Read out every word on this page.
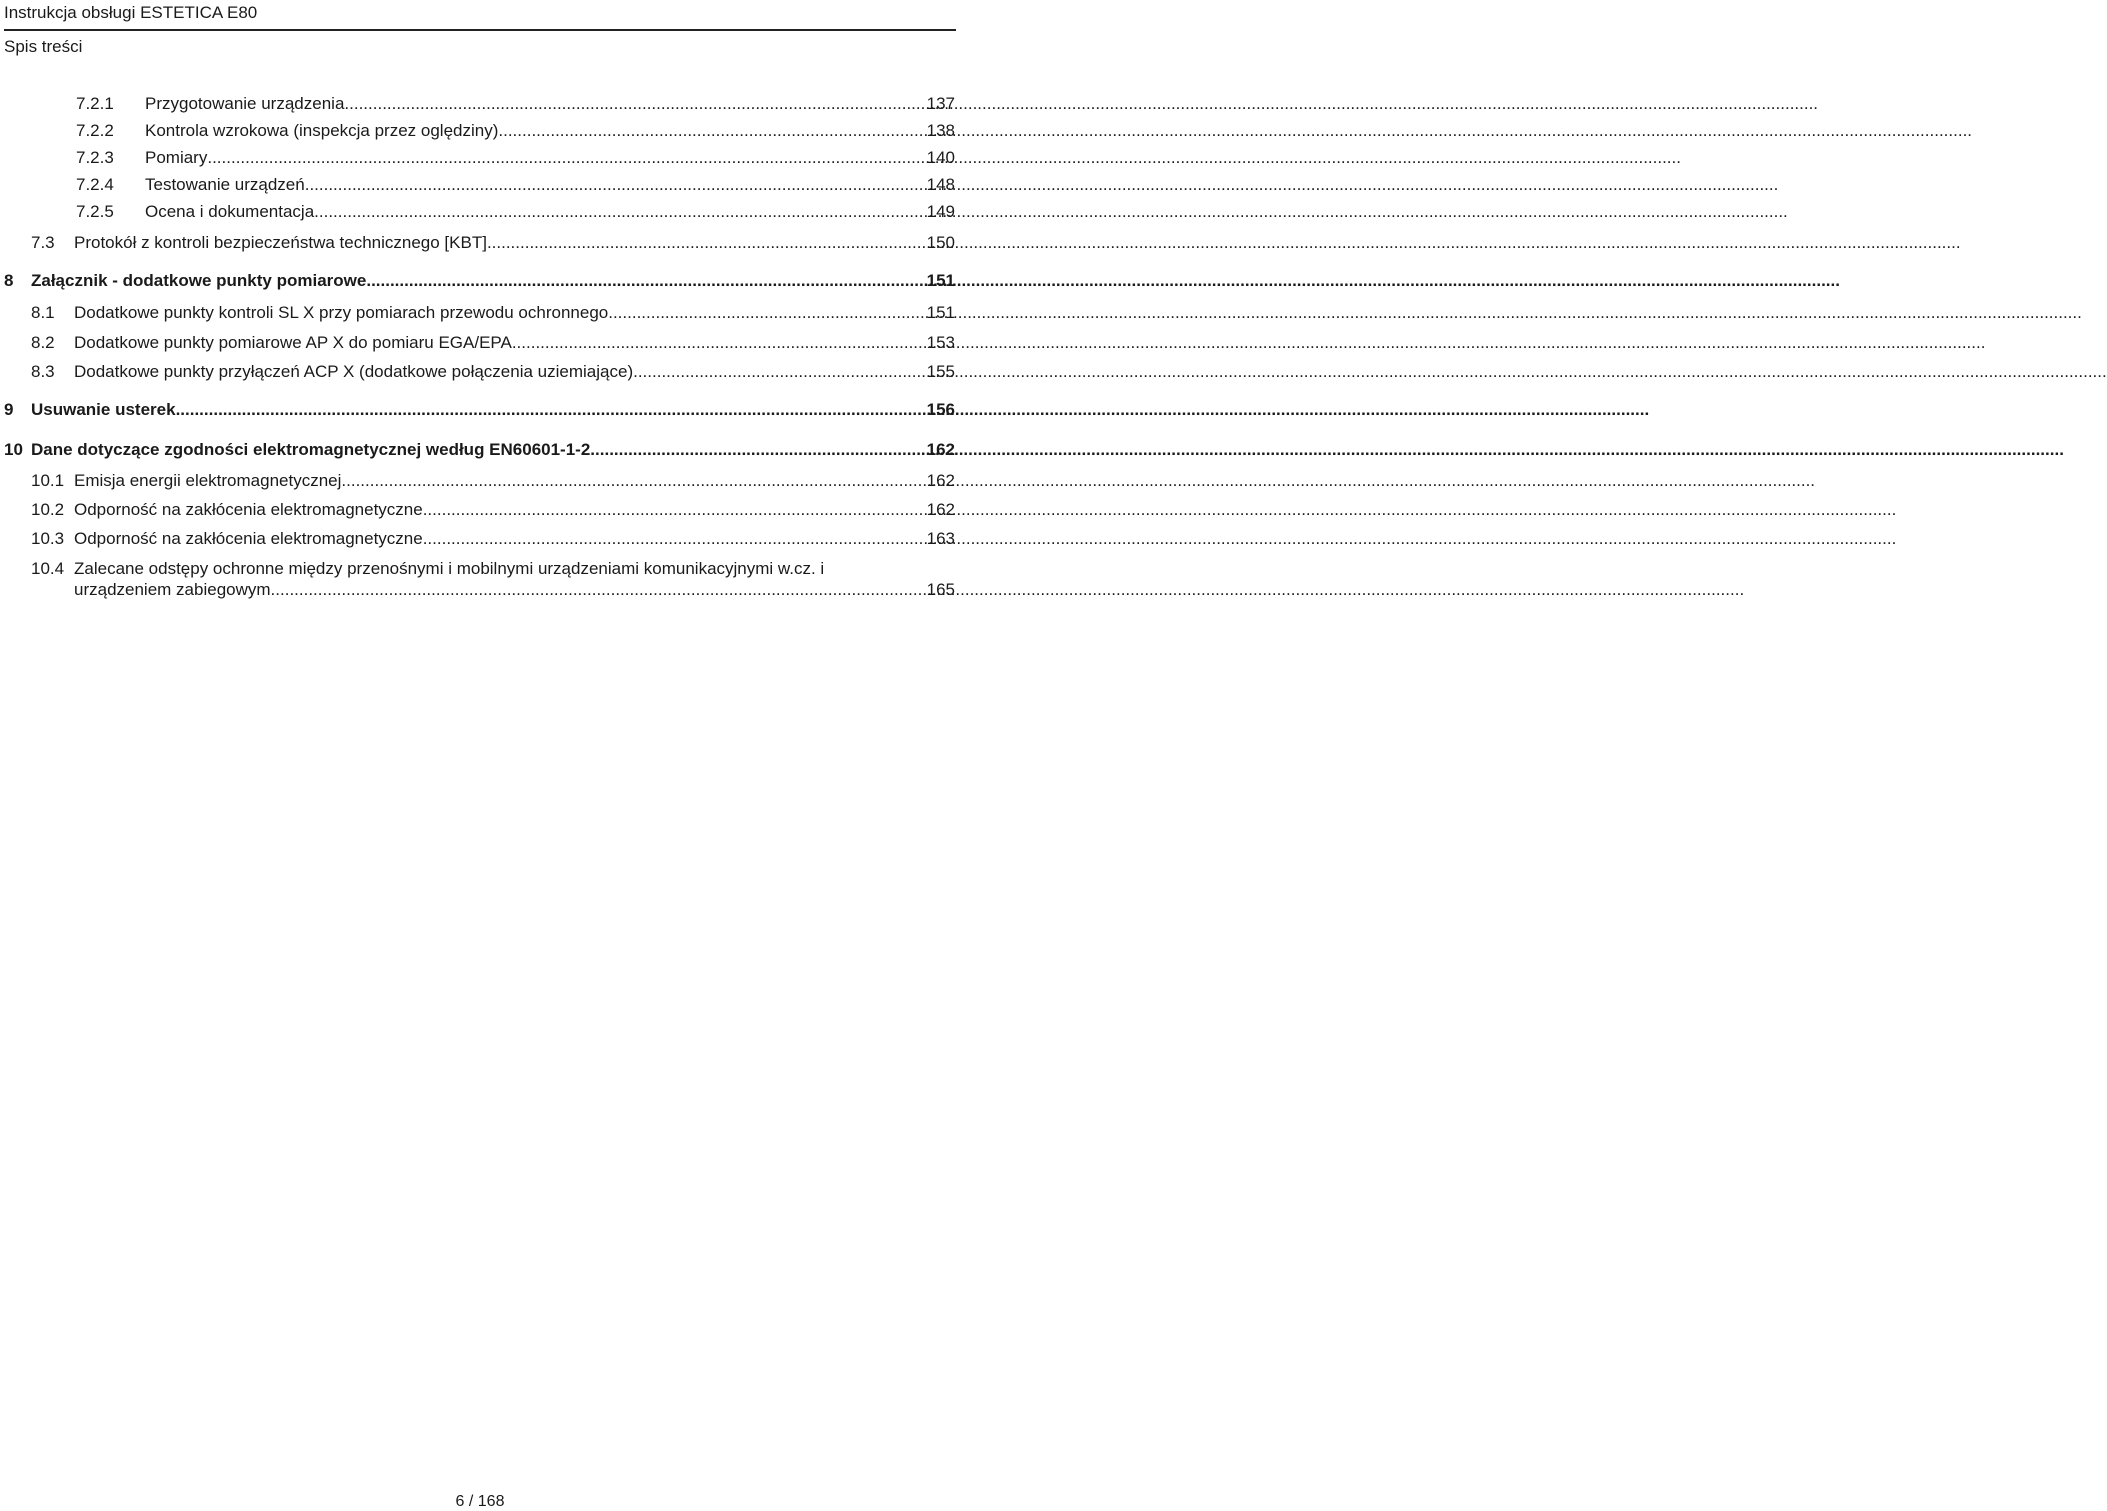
Instrukcja obsługi ESTETICA E80
Spis treści
7.2.1 Przygotowanie urządzenia .....	137
7.2.2 Kontrola wzrokowa (inspekcja przez oględziny) .....	138
7.2.3 Pomiary .....	140
7.2.4 Testowanie urządzeń .....	148
7.2.5 Ocena i dokumentacja .....	149
7.3 Protokół z kontroli bezpieczeństwa technicznego [KBT] .....	150
8 Załącznik - dodatkowe punkty pomiarowe .....	151
8.1 Dodatkowe punkty kontroli SL X przy pomiarach przewodu ochronnego .....	151
8.2 Dodatkowe punkty pomiarowe AP X do pomiaru EGA/EPA .....	153
8.3 Dodatkowe punkty przyłączeń ACP X (dodatkowe połączenia uziemiające) .....	155
9 Usuwanie usterek .....	156
10 Dane dotyczące zgodności elektromagnetycznej według EN60601-1-2 .....	162
10.1 Emisja energii elektromagnetycznej .....	162
10.2 Odporność na zakłócenia elektromagnetyczne .....	162
10.3 Odporność na zakłócenia elektromagnetyczne .....	163
10.4 Zalecane odstępy ochronne między przenośnymi i mobilnymi urządzeniami komunikacyjnymi w.cz. i
urządzeniem zabiegowym .....	165
6 / 168
